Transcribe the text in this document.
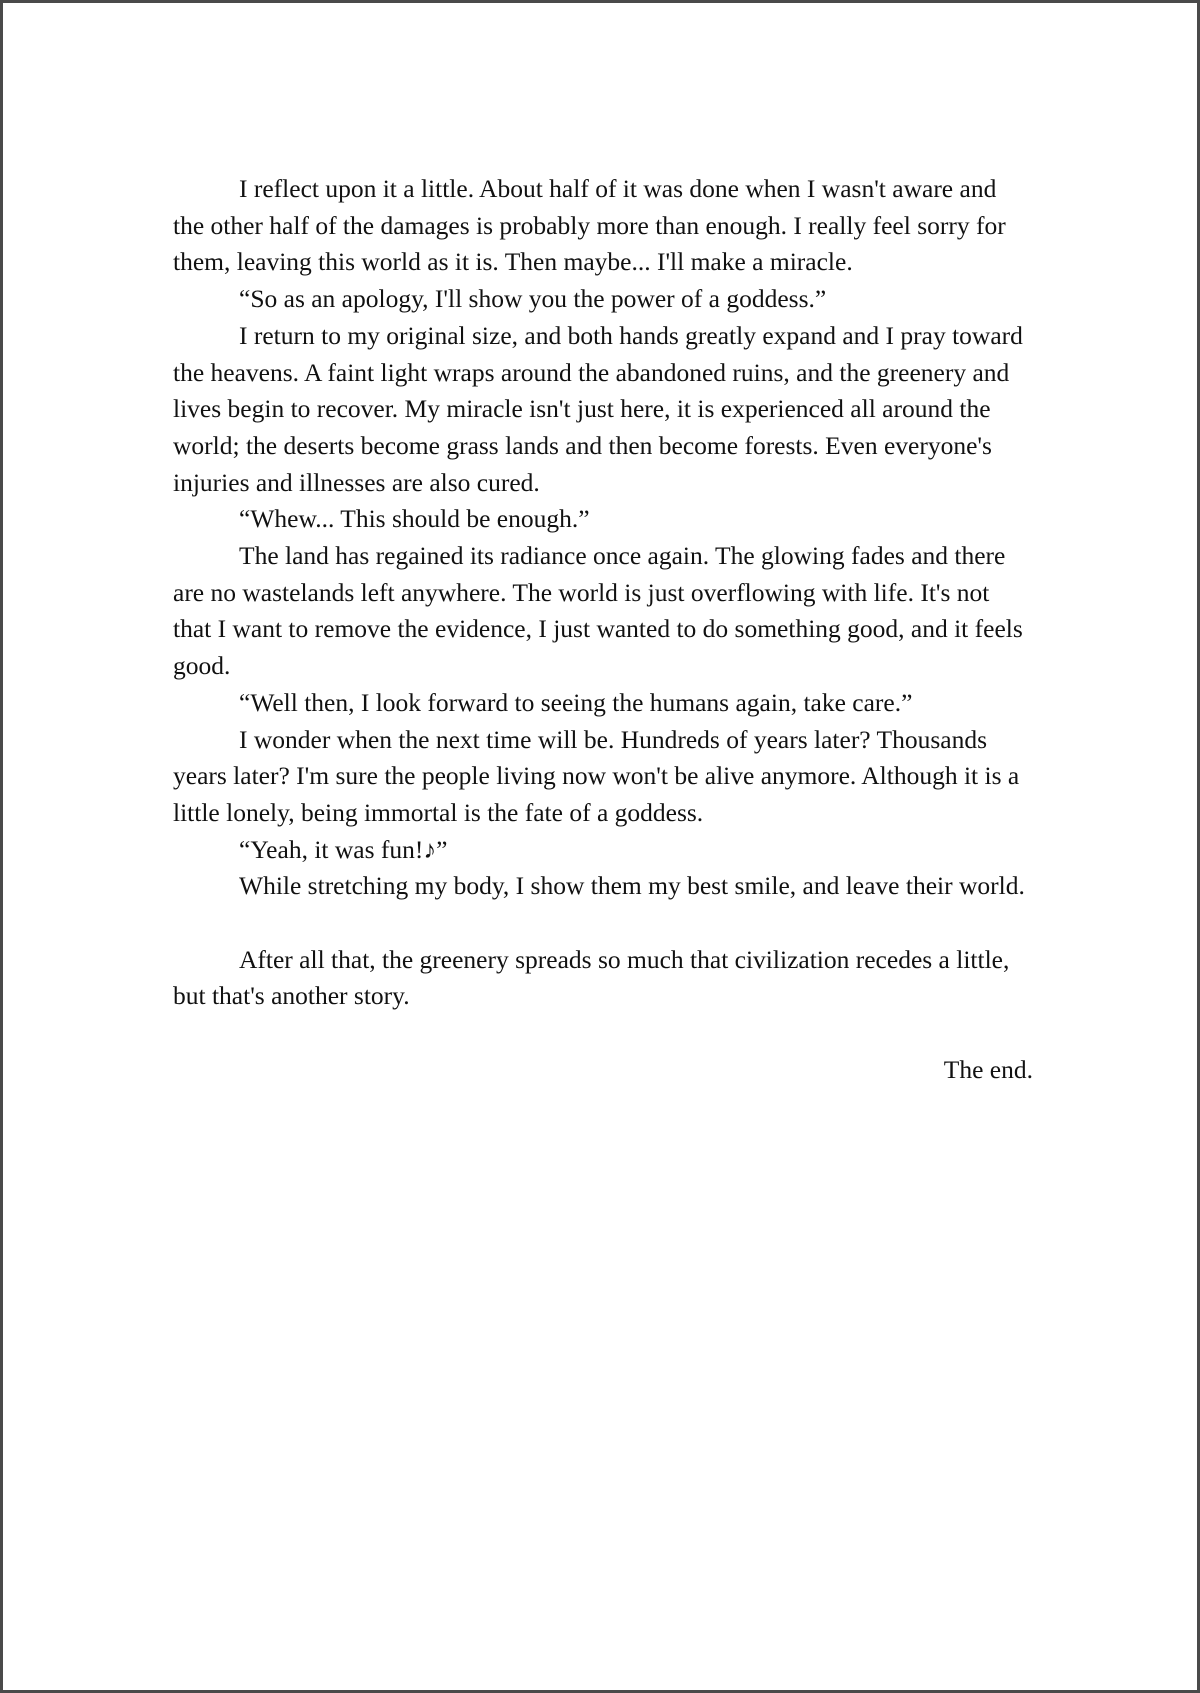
I reflect upon it a little. About half of it was done when I wasn't aware and the other half of the damages is probably more than enough. I really feel sorry for them, leaving this world as it is. Then maybe... I'll make a miracle.

“So as an apology, I'll show you the power of a goddess.”

I return to my original size, and both hands greatly expand and I pray toward the heavens. A faint light wraps around the abandoned ruins, and the greenery and lives begin to recover. My miracle isn't just here, it is experienced all around the world; the deserts become grass lands and then become forests. Even everyone's injuries and illnesses are also cured.

“Whew... This should be enough.”

The land has regained its radiance once again. The glowing fades and there are no wastelands left anywhere. The world is just overflowing with life. It's not that I want to remove the evidence, I just wanted to do something good, and it feels good.

“Well then, I look forward to seeing the humans again, take care.”

I wonder when the next time will be. Hundreds of years later? Thousands years later? I'm sure the people living now won't be alive anymore. Although it is a little lonely, being immortal is the fate of a goddess.

“Yeah, it was fun!♪”

While stretching my body, I show them my best smile, and leave their world.

After all that, the greenery spreads so much that civilization recedes a little, but that's another story.

The end.
